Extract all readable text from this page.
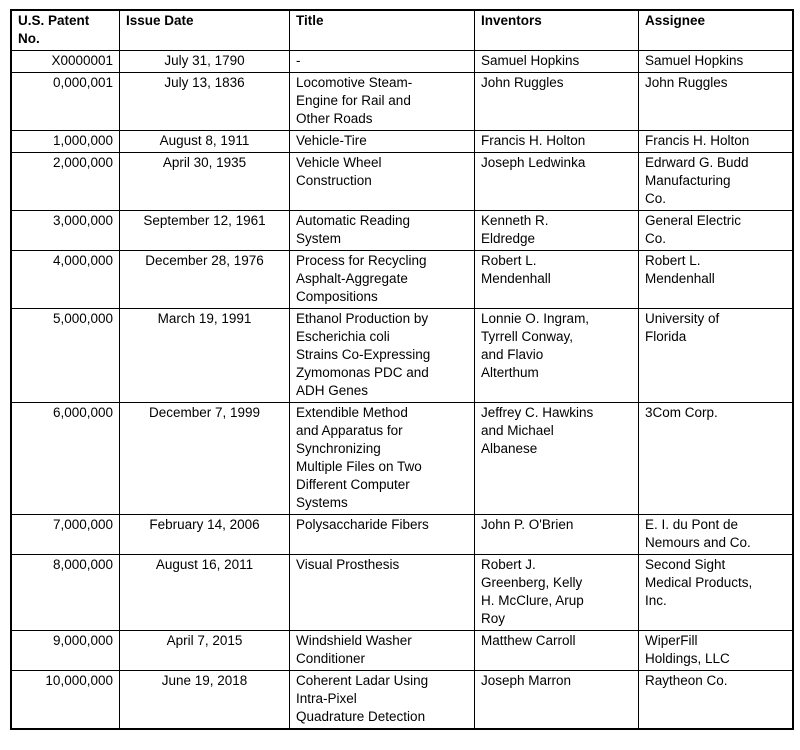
U.S. Patent
No.	Issue Date	Title	Inventors	Assignee
X0000001	July 31, 1790	-	Samuel Hopkins	Samuel Hopkins
0,000,001	July 13, 1836	Locomotive Steam-
Engine for Rail and
Other Roads	John Ruggles	John Ruggles
1,000,000	August 8, 1911	Vehicle-Tire	Francis H. Holton	Francis H. Holton
2,000,000	April 30, 1935	Vehicle Wheel
Construction	Joseph Ledwinka	Edrward G. Budd
Manufacturing
Co.
3,000,000	September 12, 1961	Automatic Reading
System	Kenneth R.
Eldredge	General Electric
Co.
4,000,000	December 28, 1976	Process for Recycling
Asphalt-Aggregate
Compositions	Robert L.
Mendenhall	Robert L.
Mendenhall
5,000,000	March 19, 1991	Ethanol Production by
Escherichia coli
Strains Co-Expressing
Zymomonas PDC and
ADH Genes	Lonnie O. Ingram,
Tyrrell Conway,
and Flavio
Alterthum	University of
Florida
6,000,000	December 7, 1999	Extendible Method
and Apparatus for
Synchronizing
Multiple Files on Two
Different Computer
Systems	Jeffrey C. Hawkins
and Michael
Albanese	3Com Corp.
7,000,000	February 14, 2006	Polysaccharide Fibers	John P. O'Brien	E. I. du Pont de
Nemours and Co.
8,000,000	August 16, 2011	Visual Prosthesis	Robert J.
Greenberg, Kelly
H. McClure, Arup
Roy	Second Sight
Medical Products,
Inc.
9,000,000	April 7, 2015	Windshield Washer
Conditioner	Matthew Carroll	WiperFill
Holdings, LLC
10,000,000	June 19, 2018	Coherent Ladar Using
Intra-Pixel
Quadrature Detection	Joseph Marron	Raytheon Co.
